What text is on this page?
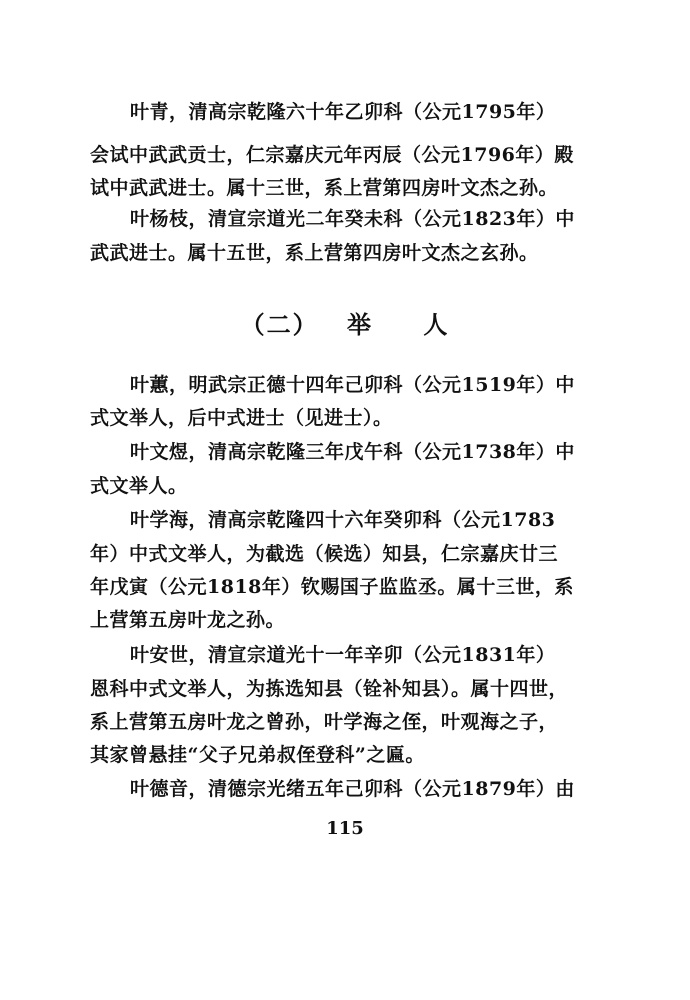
叶青，清高宗乾隆六十年乙卯科（公元1795年）
会试中武武贡士，仁宗嘉庆元年丙辰（公元1796年）殿
试中武武进士。属十三世，系上营第四房叶文杰之孙。
叶杨枝，清宣宗道光二年癸未科（公元1823年）中
武武进士。属十五世，系上营第四房叶文杰之玄孙。
（二） 举 人
叶蕙，明武宗正德十四年己卯科（公元1519年）中
式文举人，后中式进士（见进士）。
叶文煜，清高宗乾隆三年戊午科（公元1738年）中
式文举人。
叶学海，清高宗乾隆四十六年癸卯科（公元1783
年）中式文举人，为截选（候选）知县，仁宗嘉庆廿三
年戊寅（公元1818年）钦赐国子监监丞。属十三世，系
上营第五房叶龙之孙。
叶安世，清宣宗道光十一年辛卯（公元1831年）
恩科中式文举人，为拣选知县（铨补知县）。属十四世，
系上营第五房叶龙之曾孙，叶学海之侄，叶观海之子，
其家曾悬挂“父子兄弟叔侄登科”之匾。
叶德音，清德宗光绪五年己卯科（公元1879年）由
115
